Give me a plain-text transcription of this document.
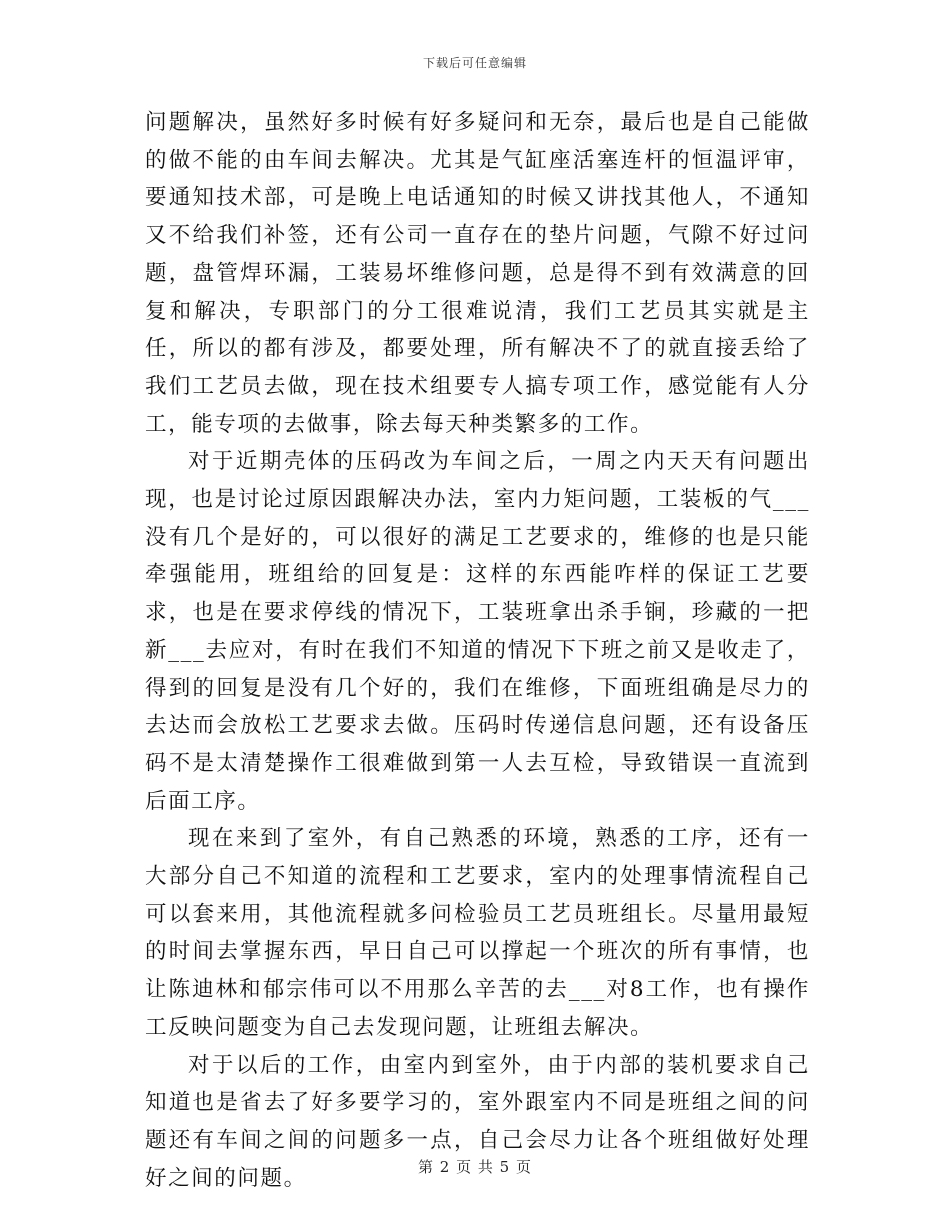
下载后可任意编辑

问题解决，虽然好多时候有好多疑问和无奈，最后也是自己能做的做不能的由车间去解决。尤其是气缸座活塞连杆的恒温评审，要通知技术部，可是晚上电话通知的时候又讲找其他人，不通知又不给我们补签，还有公司一直存在的垫片问题，气隙不好过问题，盘管焊环漏，工装易坏维修问题，总是得不到有效满意的回复和解决，专职部门的分工很难说清，我们工艺员其实就是主任，所以的都有涉及，都要处理，所有解决不了的就直接丢给了我们工艺员去做，现在技术组要专人搞专项工作，感觉能有人分工，能专项的去做事，除去每天种类繁多的工作。

对于近期壳体的压码改为车间之后，一周之内天天有问题出现，也是讨论过原因跟解决办法，室内力矩问题，工装板的气___没有几个是好的，可以很好的满足工艺要求的，维修的也是只能牵强能用，班组给的回复是：这样的东西能咋样的保证工艺要求，也是在要求停线的情况下，工装班拿出杀手锏，珍藏的一把新___去应对，有时在我们不知道的情况下下班之前又是收走了，得到的回复是没有几个好的，我们在维修，下面班组确是尽力的去达而会放松工艺要求去做。压码时传递信息问题，还有设备压码不是太清楚操作工很难做到第一人去互检，导致错误一直流到后面工序。

现在来到了室外，有自己熟悉的环境，熟悉的工序，还有一大部分自己不知道的流程和工艺要求，室内的处理事情流程自己可以套来用，其他流程就多问检验员工艺员班组长。尽量用最短的时间去掌握东西，早日自己可以撑起一个班次的所有事情，也让陈迪林和郁宗伟可以不用那么辛苦的去___对8工作，也有操作工反映问题变为自己去发现问题，让班组去解决。

对于以后的工作，由室内到室外，由于内部的装机要求自己知道也是省去了好多要学习的，室外跟室内不同是班组之间的问题还有车间之间的问题多一点，自己会尽力让各个班组做好处理好之间的问题。	第 2 页 共 5 页
